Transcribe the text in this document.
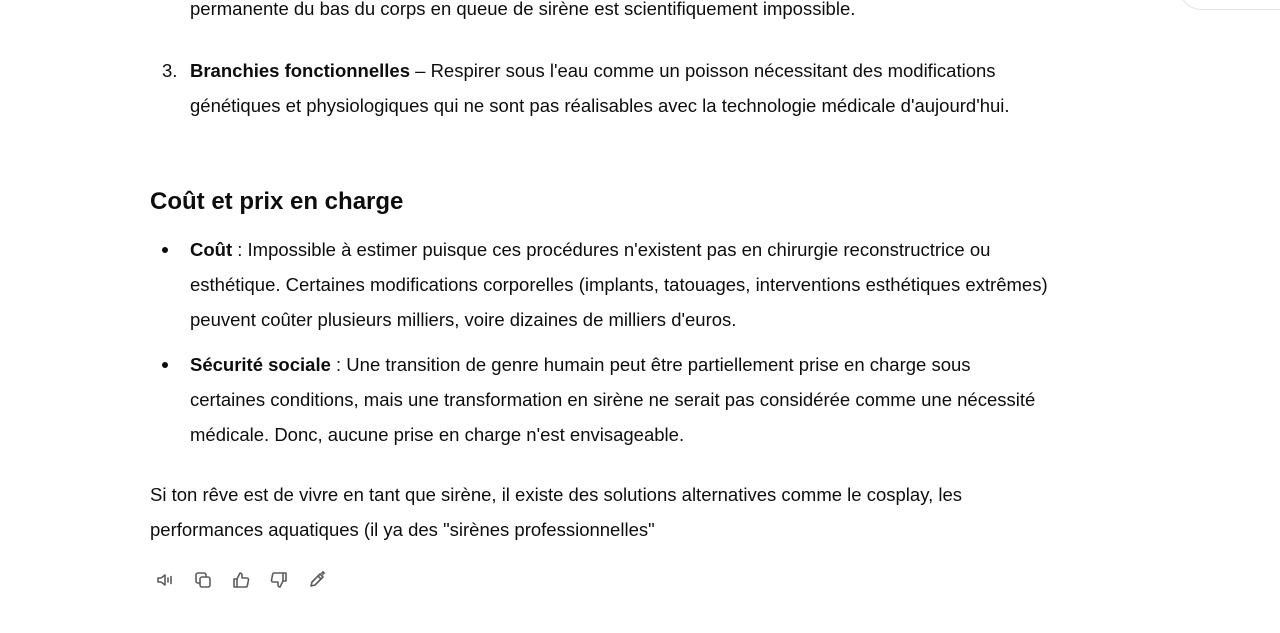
permanente du bas du corps en queue de sirène est scientifiquement impossible.
3. Branchies fonctionnelles – Respirer sous l'eau comme un poisson nécessitant des modifications génétiques et physiologiques qui ne sont pas réalisables avec la technologie médicale d'aujourd'hui.
Coût et prix en charge
Coût : Impossible à estimer puisque ces procédures n'existent pas en chirurgie reconstructrice ou esthétique. Certaines modifications corporelles (implants, tatouages, interventions esthétiques extrêmes) peuvent coûter plusieurs milliers, voire dizaines de milliers d'euros.
Sécurité sociale : Une transition de genre humain peut être partiellement prise en charge sous certaines conditions, mais une transformation en sirène ne serait pas considérée comme une nécessité médicale. Donc, aucune prise en charge n'est envisageable.

Si ton rêve est de vivre en tant que sirène, il existe des solutions alternatives comme le cosplay, les performances aquatiques (il ya des "sirènes professionnelles"
